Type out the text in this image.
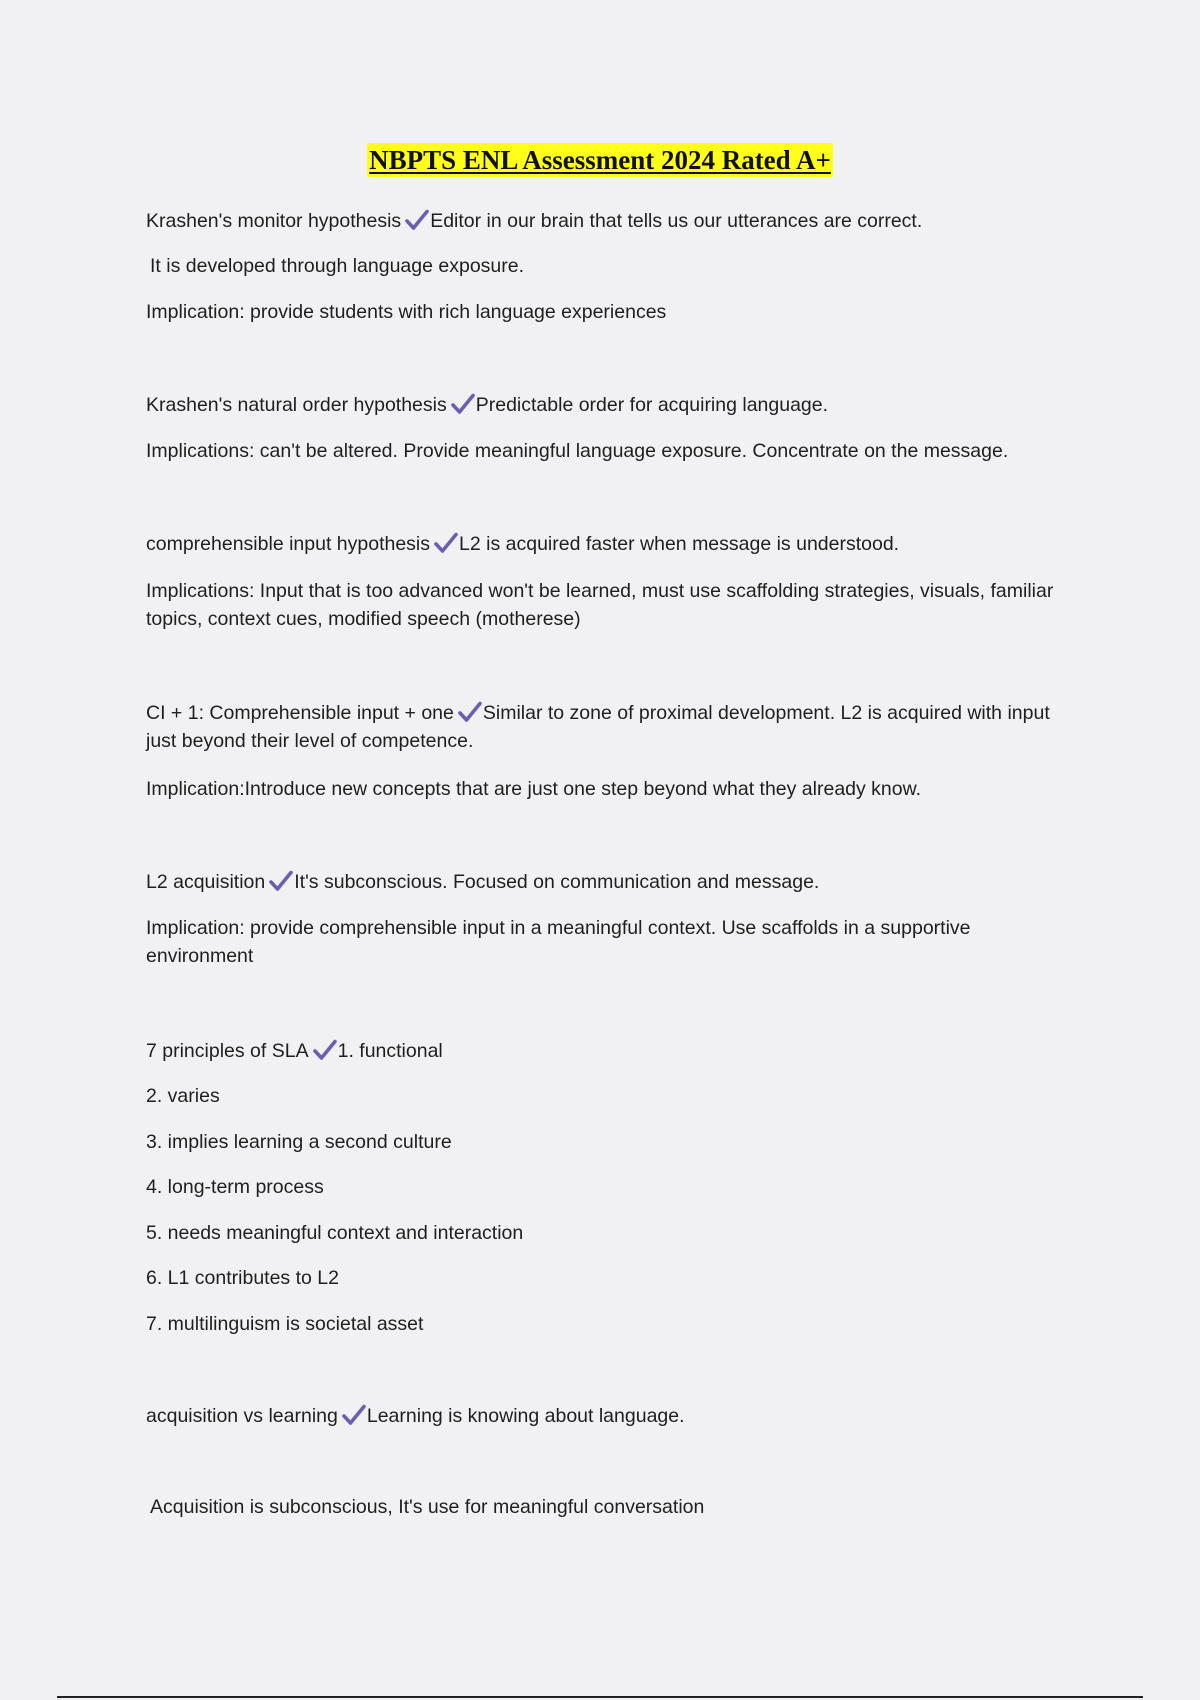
NBPTS ENL Assessment 2024 Rated A+
Krashen's monitor hypothesis Editor in our brain that tells us our utterances are correct.
It is developed through language exposure.
Implication: provide students with rich language experiences
Krashen's natural order hypothesis Predictable order for acquiring language.
Implications: can't be altered. Provide meaningful language exposure. Concentrate on the message.
comprehensible input hypothesis L2 is acquired faster when message is understood.
Implications: Input that is too advanced won't be learned, must use scaffolding strategies, visuals, familiar topics, context cues, modified speech (motherese)
CI + 1: Comprehensible input + one Similar to zone of proximal development. L2 is acquired with input just beyond their level of competence.
Implication:Introduce new concepts that are just one step beyond what they already know.
L2 acquisition It's subconscious. Focused on communication and message.
Implication: provide comprehensible input in a meaningful context. Use scaffolds in a supportive environment
7 principles of SLA 1. functional
2. varies
3. implies learning a second culture
4. long-term process
5. needs meaningful context and interaction
6. L1 contributes to L2
7. multilinguism is societal asset
acquisition vs learning Learning is knowing about language.
Acquisition is subconscious, It's use for meaningful conversation
